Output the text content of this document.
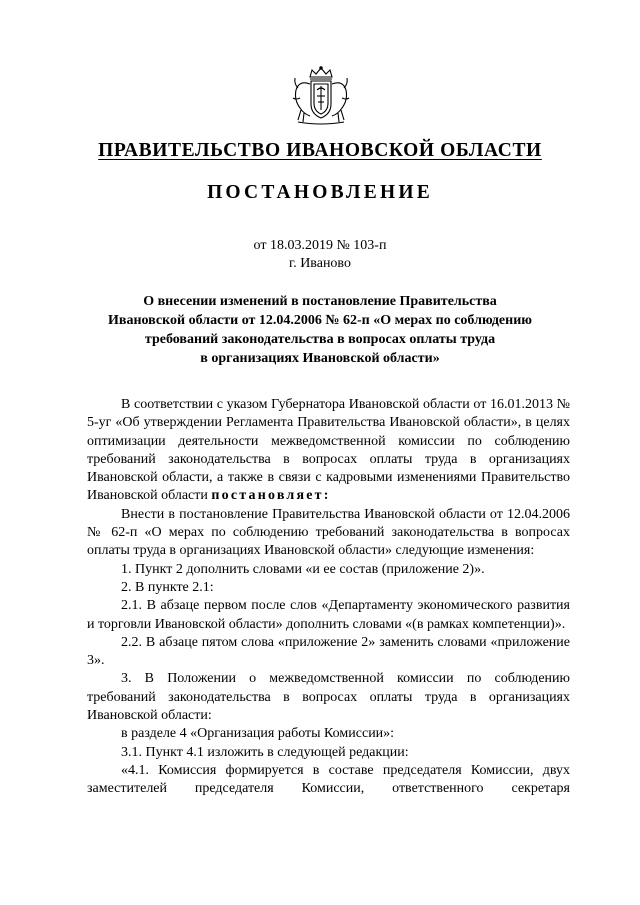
ПРАВИТЕЛЬСТВО ИВАНОВСКОЙ ОБЛАСТИ
ПОСТАНОВЛЕНИЕ
от 18.03.2019 № 103-п
г. Иваново
О внесении изменений в постановление Правительства
Ивановской области от 12.04.2006 № 62-п «О мерах по соблюдению
требований законодательства в вопросах оплаты труда
в организациях Ивановской области»

В соответствии с указом Губернатора Ивановской области от 16.01.2013 № 5-уг «Об утверждении Регламента Правительства Ивановской области», в целях оптимизации деятельности межведомственной комиссии по соблюдению требований законодательства в вопросах оплаты труда в организациях Ивановской области, а также в связи с кадровыми изменениями Правительство Ивановской области постановляет:

Внести в постановление Правительства Ивановской области от 12.04.2006 № 62-п «О мерах по соблюдению требований законодательства в вопросах оплаты труда в организациях Ивановской области» следующие изменения:

1. Пункт 2 дополнить словами «и ее состав (приложение 2)».

2. В пункте 2.1:

2.1. В абзаце первом после слов «Департаменту экономического развития и торговли Ивановской области» дополнить словами «(в рамках компетенции)».

2.2. В абзаце пятом слова «приложение 2» заменить словами «приложение 3».

3. В Положении о межведомственной комиссии по соблюдению требований законодательства в вопросах оплаты труда в организациях Ивановской области:

в разделе 4 «Организация работы Комиссии»:

3.1. Пункт 4.1 изложить в следующей редакции:

«4.1. Комиссия формируется в составе председателя Комиссии, двух заместителей председателя Комиссии, ответственного секретаря
